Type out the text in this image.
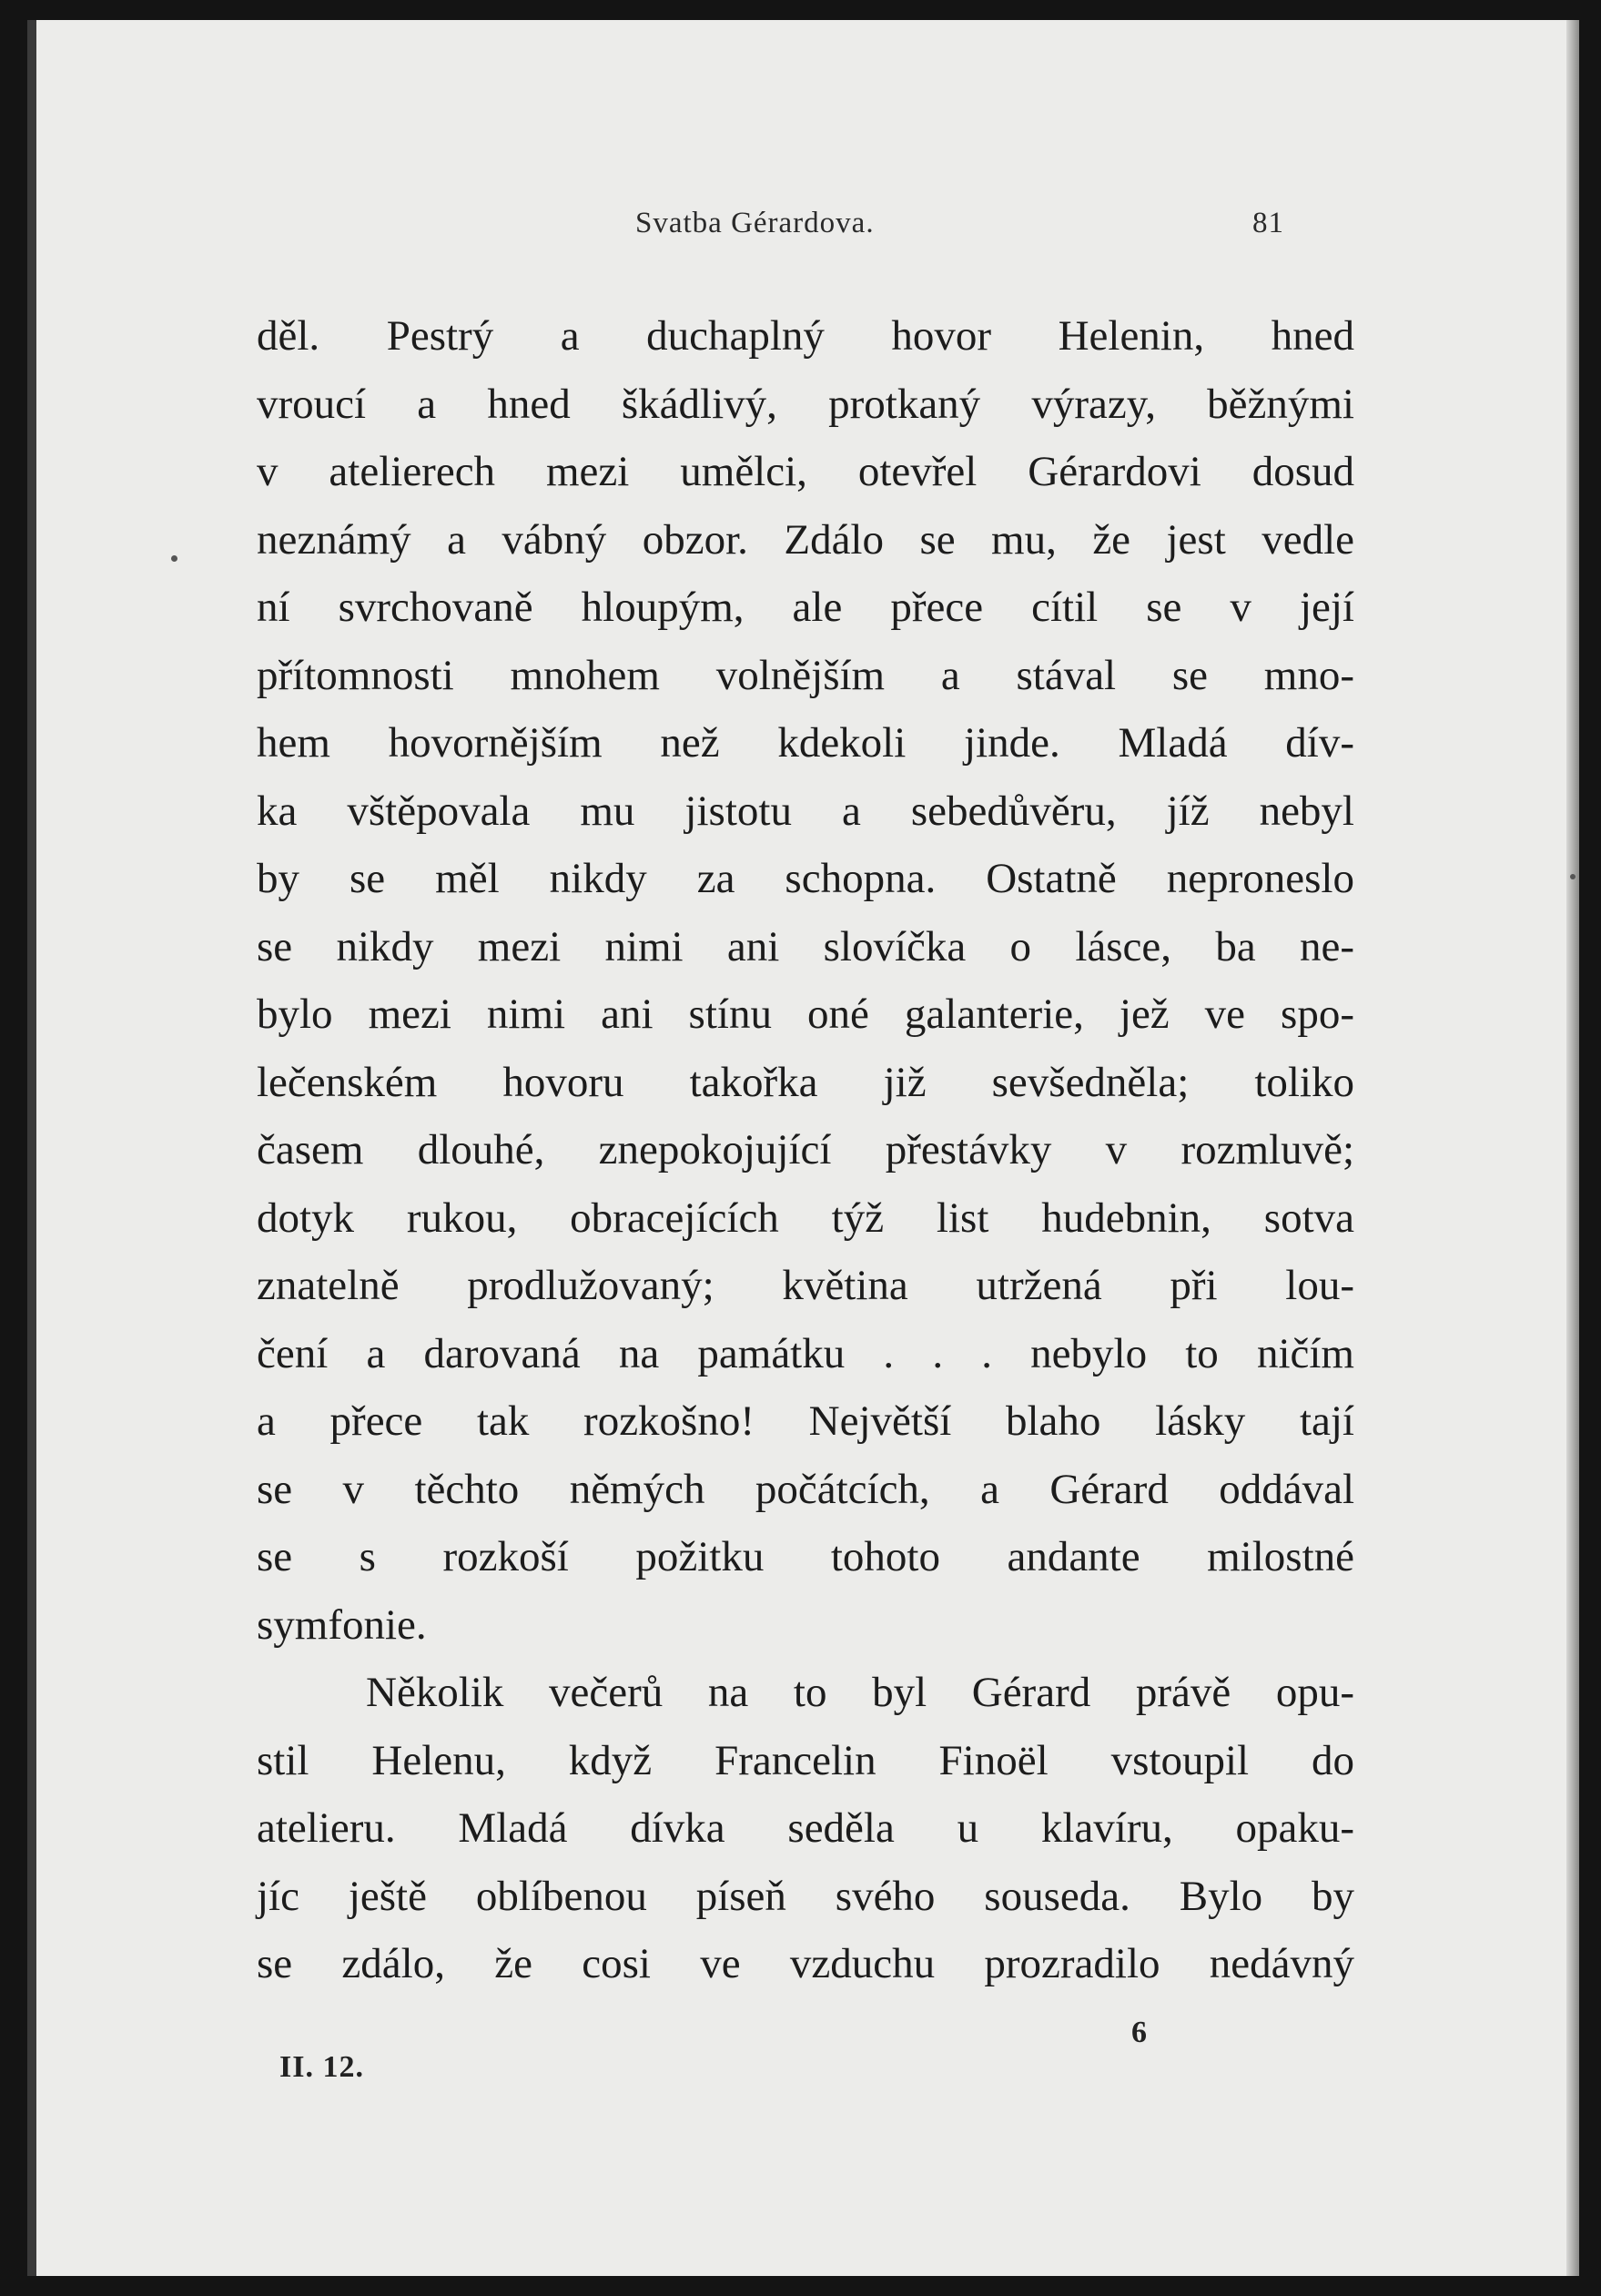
Svatba Gérardova.	81
děl. Pestrý a duchaplný hovor Helenin, hned
vroucí a hned škádlivý, protkaný výrazy, běžnými
v atelierech mezi umělci, otevřel Gérardovi dosud
neznámý a vábný obzor. Zdálo se mu, že jest vedle
ní svrchovaně hloupým, ale přece cítil se v její
přítomnosti mnohem volnějším a stával se mno-
hem hovornějším než kdekoli jinde. Mladá dív-
ka vštěpovala mu jistotu a sebedůvěru, jíž nebyl
by se měl nikdy za schopna. Ostatně neproneslo
se nikdy mezi nimi ani slovíčka o lásce, ba ne-
bylo mezi nimi ani stínu oné galanterie, jež ve spo-
lečenském hovoru takořka již sevšedněla; toliko
časem dlouhé, znepokojující přestávky v rozmluvě;
dotyk rukou, obracejících týž list hudebnin, sotva
znatelně prodlužovaný; květina utržená při lou-
čení a darovaná na památku . . . nebylo to ničím
a přece tak rozkošno! Největší blaho lásky tají
se v těchto němých počátcích, a Gérard oddával
se s rozkoší požitku tohoto andante milostné
symfonie.
Několik večerů na to byl Gérard právě opu-
stil Helenu, když Francelin Finoël vstoupil do
atelieru. Mladá dívka seděla u klavíru, opaku-
jíc ještě oblíbenou píseň svého souseda. Bylo by
se zdálo, že cosi ve vzduchu prozradilo nedávný
6
II. 12.
